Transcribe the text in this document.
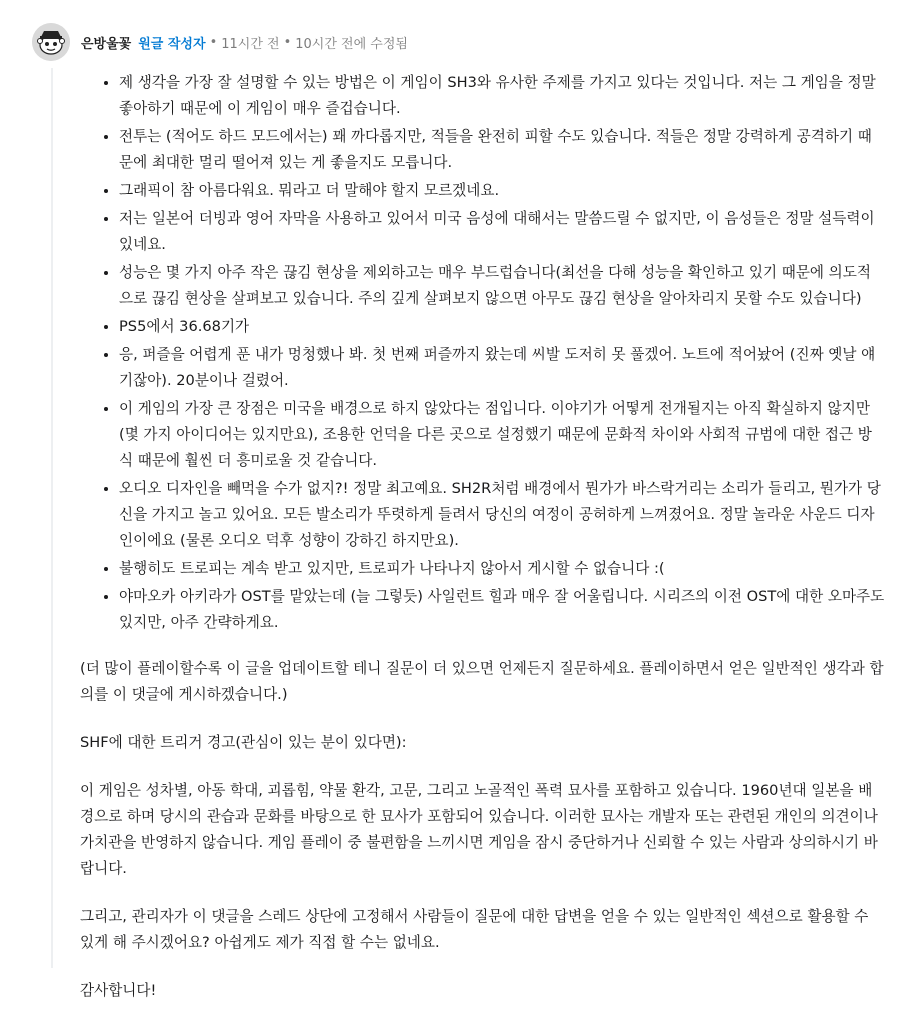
은방울꽃 원글 작성자 • 11시간 전 • 10시간 전에 수정됨
• 제 생각을 가장 잘 설명할 수 있는 방법은 이 게임이 SH3와 유사한 주제를 가지고 있다는 것입니다. 저는 그 게임을 정말 좋아하기 때문에 이 게임이 매우 즐겁습니다.
• 전투는 (적어도 하드 모드에서는) 꽤 까다롭지만, 적들을 완전히 피할 수도 있습니다. 적들은 정말 강력하게 공격하기 때문에 최대한 멀리 떨어져 있는 게 좋을지도 모릅니다.
• 그래픽이 참 아름다워요. 뭐라고 더 말해야 할지 모르겠네요.
• 저는 일본어 더빙과 영어 자막을 사용하고 있어서 미국 음성에 대해서는 말씀드릴 수 없지만, 이 음성들은 정말 설득력이 있네요.
• 성능은 몇 가지 아주 작은 끊김 현상을 제외하고는 매우 부드럽습니다(최선을 다해 성능을 확인하고 있기 때문에 의도적으로 끊김 현상을 살펴보고 있습니다. 주의 깊게 살펴보지 않으면 아무도 끊김 현상을 알아차리지 못할 수도 있습니다)
• PS5에서 36.68기가
• 응, 퍼즐을 어렵게 푼 내가 멍청했나 봐. 첫 번째 퍼즐까지 왔는데 씨발 도저히 못 풀겠어. 노트에 적어놨어 (진짜 옛날 얘기잖아). 20분이나 걸렸어.
• 이 게임의 가장 큰 장점은 미국을 배경으로 하지 않았다는 점입니다. 이야기가 어떻게 전개될지는 아직 확실하지 않지만 (몇 가지 아이디어는 있지만요), 조용한 언덕을 다른 곳으로 설정했기 때문에 문화적 차이와 사회적 규범에 대한 접근 방식 때문에 훨씬 더 흥미로울 것 같습니다.
• 오디오 디자인을 빼먹을 수가 없지?! 정말 최고예요. SH2R처럼 배경에서 뭔가가 바스락거리는 소리가 들리고, 뭔가가 당신을 가지고 놀고 있어요. 모든 발소리가 뚜렷하게 들려서 당신의 여정이 공허하게 느껴졌어요. 정말 놀라운 사운드 디자인이에요 (물론 오디오 덕후 성향이 강하긴 하지만요).
• 불행히도 트로피는 계속 받고 있지만, 트로피가 나타나지 않아서 게시할 수 없습니다 :(
• 야마오카 아키라가 OST를 맡았는데 (늘 그렇듯) 사일런트 힐과 매우 잘 어울립니다. 시리즈의 이전 OST에 대한 오마주도 있지만, 아주 간략하게요.

(더 많이 플레이할수록 이 글을 업데이트할 테니 질문이 더 있으면 언제든지 질문하세요. 플레이하면서 얻은 일반적인 생각과 합의를 이 댓글에 게시하겠습니다.)

SHF에 대한 트리거 경고(관심이 있는 분이 있다면):

이 게임은 성차별, 아동 학대, 괴롭힘, 약물 환각, 고문, 그리고 노골적인 폭력 묘사를 포함하고 있습니다. 1960년대 일본을 배경으로 하며 당시의 관습과 문화를 바탕으로 한 묘사가 포함되어 있습니다. 이러한 묘사는 개발자 또는 관련된 개인의 의견이나 가치관을 반영하지 않습니다. 게임 플레이 중 불편함을 느끼시면 게임을 잠시 중단하거나 신뢰할 수 있는 사람과 상의하시기 바랍니다.

그리고, 관리자가 이 댓글을 스레드 상단에 고정해서 사람들이 질문에 대한 답변을 얻을 수 있는 일반적인 섹션으로 활용할 수 있게 해 주시겠어요? 아쉽게도 제가 직접 할 수는 없네요.

감사합니다!
